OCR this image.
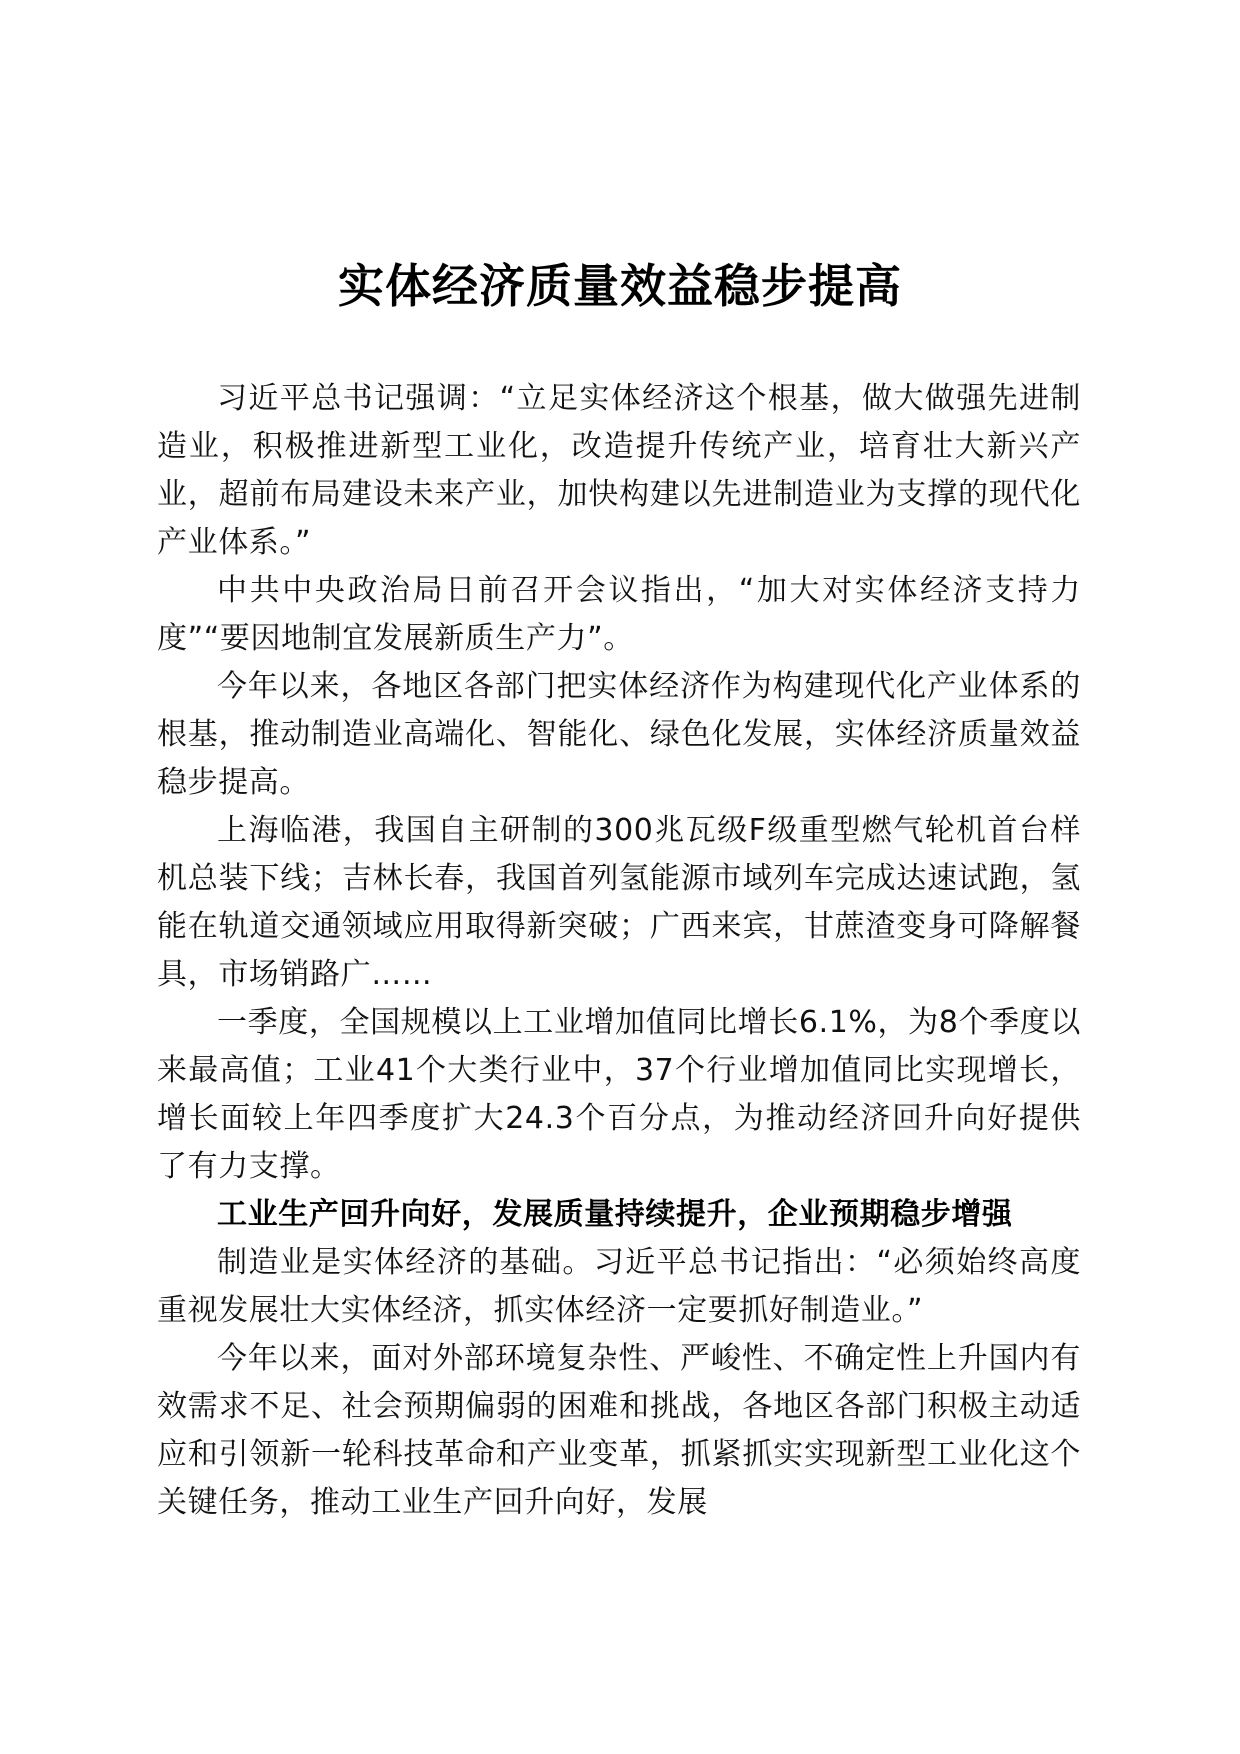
实体经济质量效益稳步提高

习近平总书记强调：“立足实体经济这个根基，做大做强先进制造业，积极推进新型工业化，改造提升传统产业，培育壮大新兴产业，超前布局建设未来产业，加快构建以先进制造业为支撑的现代化产业体系。”

中共中央政治局日前召开会议指出，“加大对实体经济支持力度”“要因地制宜发展新质生产力”。

今年以来，各地区各部门把实体经济作为构建现代化产业体系的根基，推动制造业高端化、智能化、绿色化发展，实体经济质量效益稳步提高。

上海临港，我国自主研制的300兆瓦级F级重型燃气轮机首台样机总装下线；吉林长春，我国首列氢能源市域列车完成达速试跑，氢能在轨道交通领域应用取得新突破；广西来宾，甘蔗渣变身可降解餐具，市场销路广……

一季度，全国规模以上工业增加值同比增长6.1%，为8个季度以来最高值；工业41个大类行业中，37个行业增加值同比实现增长，增长面较上年四季度扩大24.3个百分点，为推动经济回升向好提供了有力支撑。

工业生产回升向好，发展质量持续提升，企业预期稳步增强

制造业是实体经济的基础。习近平总书记指出：“必须始终高度重视发展壮大实体经济，抓实体经济一定要抓好制造业。”

今年以来，面对外部环境复杂性、严峻性、不确定性上升国内有效需求不足、社会预期偏弱的困难和挑战，各地区各部门积极主动适应和引领新一轮科技革命和产业变革，抓紧抓实实现新型工业化这个关键任务，推动工业生产回升向好，发展
